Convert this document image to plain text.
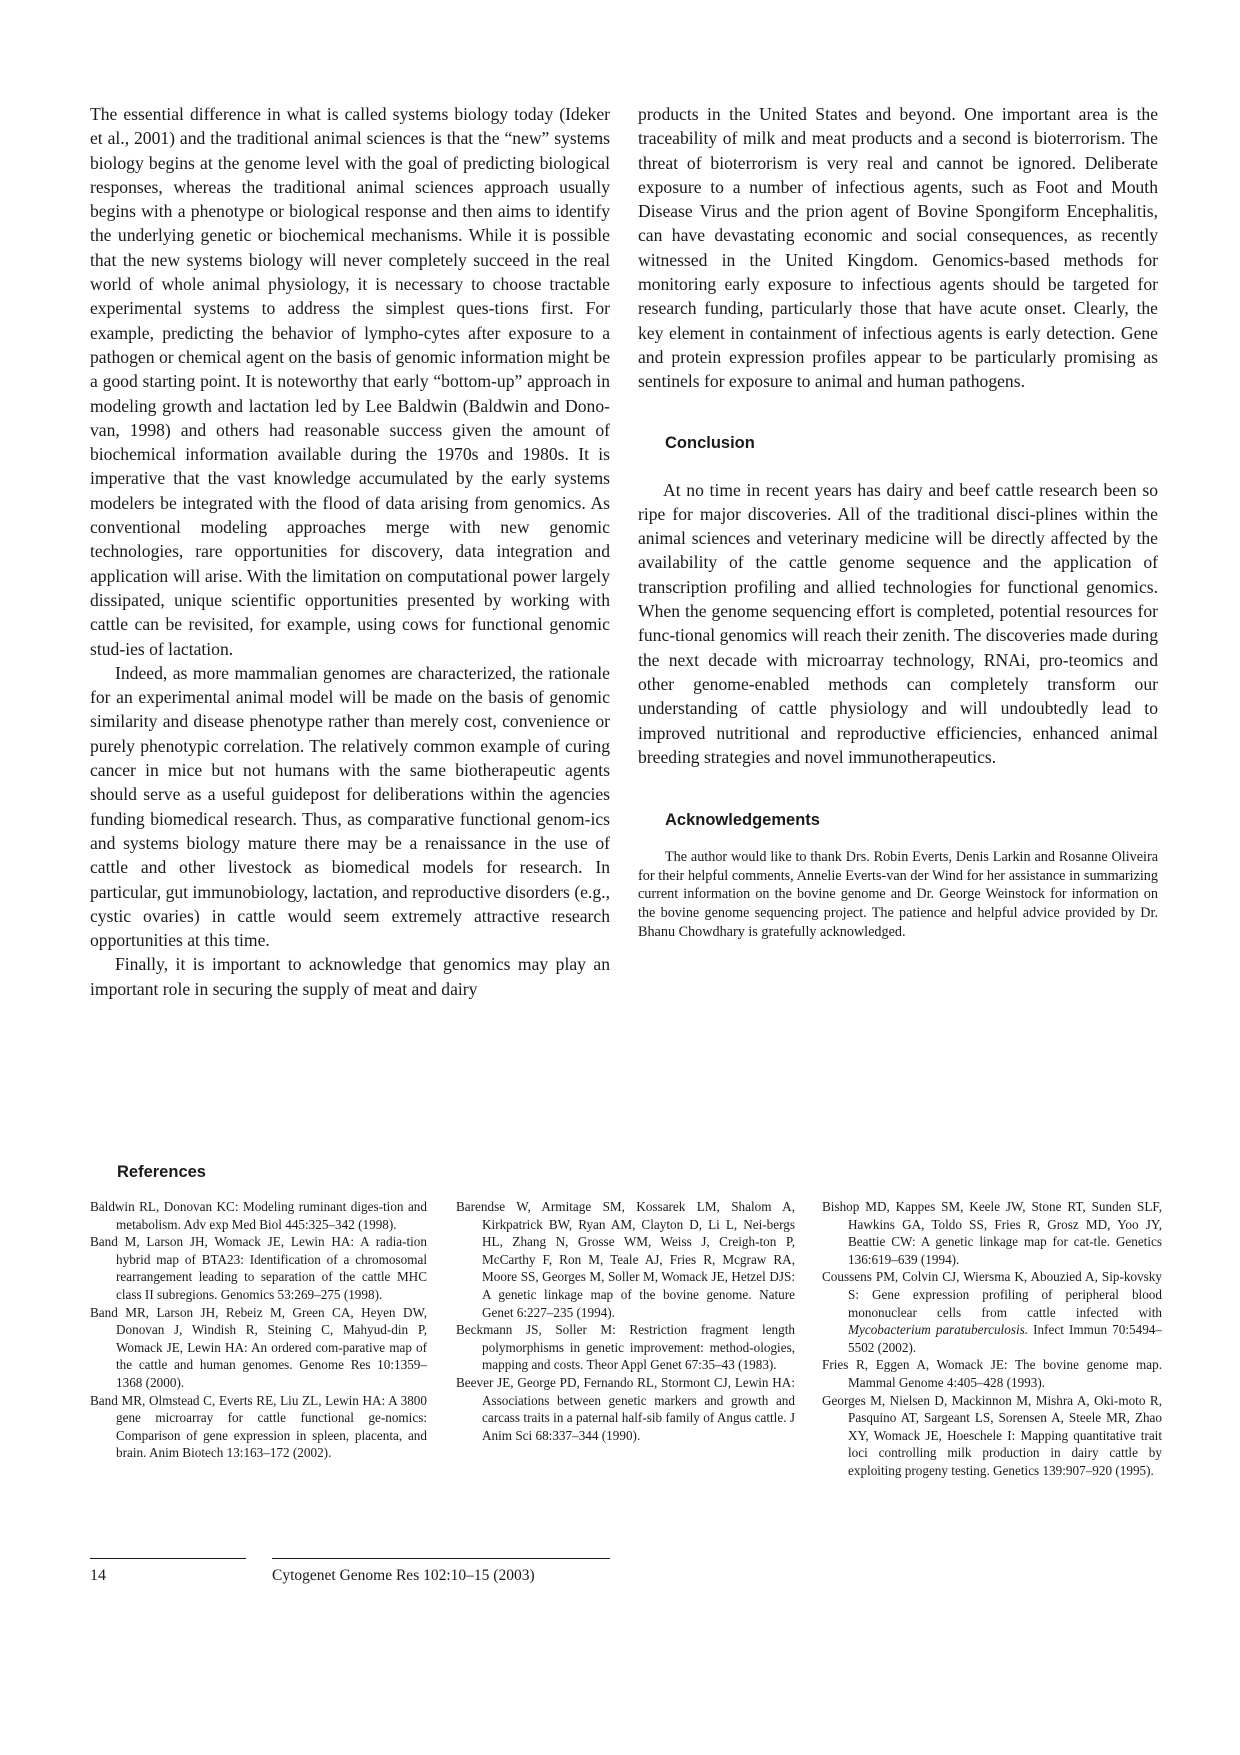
The essential difference in what is called systems biology today (Ideker et al., 2001) and the traditional animal sciences is that the “new” systems biology begins at the genome level with the goal of predicting biological responses, whereas the traditional animal sciences approach usually begins with a phenotype or biological response and then aims to identify the underlying genetic or biochemical mechanisms. While it is possible that the new systems biology will never completely succeed in the real world of whole animal physiology, it is necessary to choose tractable experimental systems to address the simplest ques-tions first. For example, predicting the behavior of lympho-cytes after exposure to a pathogen or chemical agent on the basis of genomic information might be a good starting point. It is noteworthy that early “bottom-up” approach in modeling growth and lactation led by Lee Baldwin (Baldwin and Dono-van, 1998) and others had reasonable success given the amount of biochemical information available during the 1970s and 1980s. It is imperative that the vast knowledge accumulated by the early systems modelers be integrated with the flood of data arising from genomics. As conventional modeling approaches merge with new genomic technologies, rare opportunities for discovery, data integration and application will arise. With the limitation on computational power largely dissipated, unique scientific opportunities presented by working with cattle can be revisited, for example, using cows for functional genomic stud-ies of lactation.

Indeed, as more mammalian genomes are characterized, the rationale for an experimental animal model will be made on the basis of genomic similarity and disease phenotype rather than merely cost, convenience or purely phenotypic correlation. The relatively common example of curing cancer in mice but not humans with the same biotherapeutic agents should serve as a useful guidepost for deliberations within the agencies funding biomedical research. Thus, as comparative functional genom-ics and systems biology mature there may be a renaissance in the use of cattle and other livestock as biomedical models for research. In particular, gut immunobiology, lactation, and reproductive disorders (e.g., cystic ovaries) in cattle would seem extremely attractive research opportunities at this time.

Finally, it is important to acknowledge that genomics may play an important role in securing the supply of meat and dairy

products in the United States and beyond. One important area is the traceability of milk and meat products and a second is bioterrorism. The threat of bioterrorism is very real and cannot be ignored. Deliberate exposure to a number of infectious agents, such as Foot and Mouth Disease Virus and the prion agent of Bovine Spongiform Encephalitis, can have devastating economic and social consequences, as recently witnessed in the United Kingdom. Genomics-based methods for monitoring early exposure to infectious agents should be targeted for research funding, particularly those that have acute onset. Clearly, the key element in containment of infectious agents is early detection. Gene and protein expression profiles appear to be particularly promising as sentinels for exposure to animal and human pathogens.

Conclusion

At no time in recent years has dairy and beef cattle research been so ripe for major discoveries. All of the traditional disci-plines within the animal sciences and veterinary medicine will be directly affected by the availability of the cattle genome sequence and the application of transcription profiling and allied technologies for functional genomics. When the genome sequencing effort is completed, potential resources for func-tional genomics will reach their zenith. The discoveries made during the next decade with microarray technology, RNAi, pro-teomics and other genome-enabled methods can completely transform our understanding of cattle physiology and will undoubtedly lead to improved nutritional and reproductive efficiencies, enhanced animal breeding strategies and novel immunotherapeutics.

Acknowledgements

The author would like to thank Drs. Robin Everts, Denis Larkin and Rosanne Oliveira for their helpful comments, Annelie Everts-van der Wind for her assistance in summarizing current information on the bovine genome and Dr. George Weinstock for information on the bovine genome sequencing project. The patience and helpful advice provided by Dr. Bhanu Chowdhary is gratefully acknowledged.

References

Baldwin RL, Donovan KC: Modeling ruminant diges-tion and metabolism. Adv exp Med Biol 445:325–342 (1998).

Band M, Larson JH, Womack JE, Lewin HA: A radia-tion hybrid map of BTA23: Identification of a chromosomal rearrangement leading to separation of the cattle MHC class II subregions. Genomics 53:269–275 (1998).

Band MR, Larson JH, Rebeiz M, Green CA, Heyen DW, Donovan J, Windish R, Steining C, Mahyud-din P, Womack JE, Lewin HA: An ordered com-parative map of the cattle and human genomes. Genome Res 10:1359–1368 (2000).

Band MR, Olmstead C, Everts RE, Liu ZL, Lewin HA: A 3800 gene microarray for cattle functional ge-nomics: Comparison of gene expression in spleen, placenta, and brain. Anim Biotech 13:163–172 (2002).

Barendse W, Armitage SM, Kossarek LM, Shalom A, Kirkpatrick BW, Ryan AM, Clayton D, Li L, Nei-bergs HL, Zhang N, Grosse WM, Weiss J, Creigh-ton P, McCarthy F, Ron M, Teale AJ, Fries R, Mcgraw RA, Moore SS, Georges M, Soller M, Womack JE, Hetzel DJS: A genetic linkage map of the bovine genome. Nature Genet 6:227–235 (1994).

Beckmann JS, Soller M: Restriction fragment length polymorphisms in genetic improvement: method-ologies, mapping and costs. Theor Appl Genet 67:35–43 (1983).

Beever JE, George PD, Fernando RL, Stormont CJ, Lewin HA: Associations between genetic markers and growth and carcass traits in a paternal half-sib family of Angus cattle. J Anim Sci 68:337–344 (1990).

Bishop MD, Kappes SM, Keele JW, Stone RT, Sunden SLF, Hawkins GA, Toldo SS, Fries R, Grosz MD, Yoo JY, Beattie CW: A genetic linkage map for cat-tle. Genetics 136:619–639 (1994).

Coussens PM, Colvin CJ, Wiersma K, Abouzied A, Sip-kovsky S: Gene expression profiling of peripheral blood mononuclear cells from cattle infected with Mycobacterium paratuberculosis. Infect Immun 70:5494–5502 (2002).

Fries R, Eggen A, Womack JE: The bovine genome map. Mammal Genome 4:405–428 (1993).

Georges M, Nielsen D, Mackinnon M, Mishra A, Oki-moto R, Pasquino AT, Sargeant LS, Sorensen A, Steele MR, Zhao XY, Womack JE, Hoeschele I: Mapping quantitative trait loci controlling milk production in dairy cattle by exploiting progeny testing. Genetics 139:907–920 (1995).

14	Cytogenet Genome Res 102:10–15 (2003)
